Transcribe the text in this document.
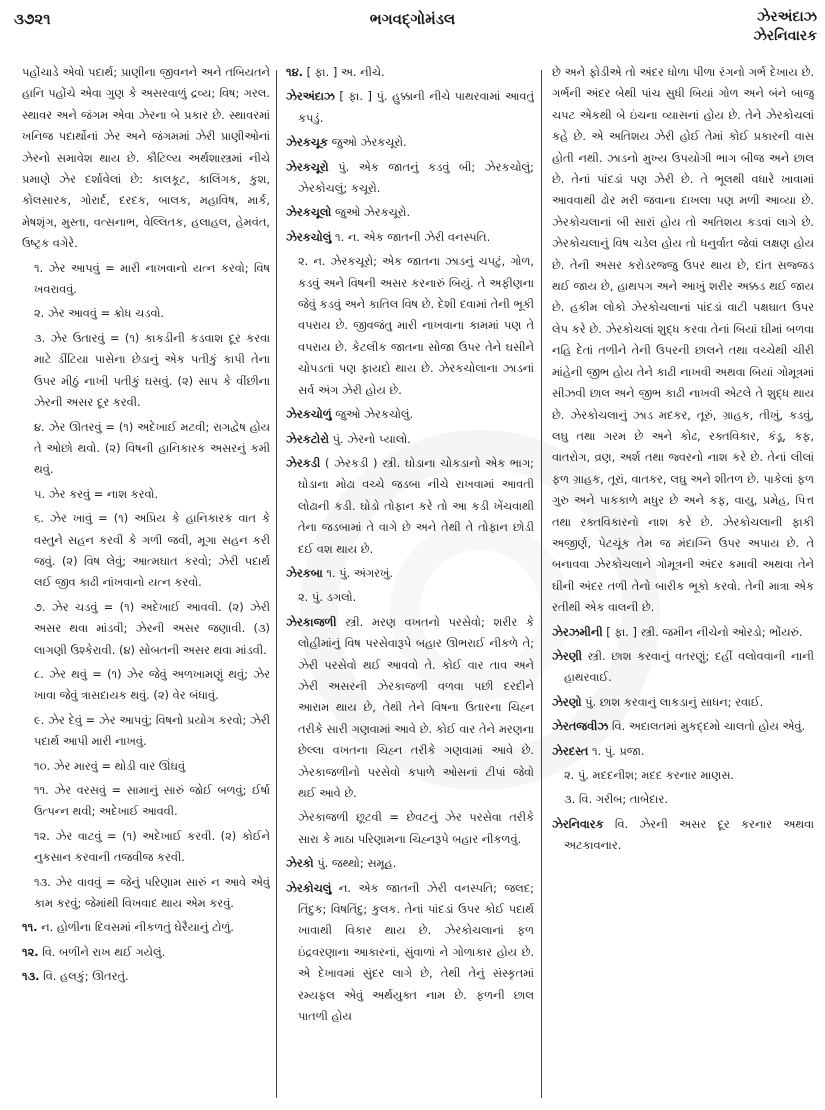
૩૭૨૧	ભગવદ્ગોમંડલ	ઝેરઅંદાઝ
ઝેરનિવારક
પહોંચાડે એવો પદાર્થ; પ્રાણીના જીવનને અને તબિયતને હાનિ પહોંચે એવા ગુણ કે અસરવાળું દ્રવ્ય; વિષ; ગરલ. સ્થાવર અને જંગમ એવા ઝેરના બે પ્રકાર છે. સ્થાવરમાં ખનિજ પદાર્થોનાં ઝેર અને જંગમમાં ઝેરી પ્રાણીઓનાં ઝેરનો સમાવેશ થાય છે. કૌટિલ્ય અર્થશાસ્ત્રમાં નીચે પ્રમાણે ઝેર દર્શાવેલાં છે: કાલકૂટ, કાલિંગક, કુશ, કોલસારક, ગોરાર્દ, દરદક, બાલક, મહાવિષ, માર્ક, મેષશૃંગ, મુસ્તા, વત્સનાભ, વેલ્લિતક, હલાહલ, હેમવંત, ઉષ્ટ્રક વગેરે.
૧. ઝેર આપવું = મારી નાખવાનો યત્ન કરવો; વિષ ખવરાવવું.
૨. ઝેર આવવું = ક્રોધ ચડવો.
૩. ઝેર ઉતારવું = (૧) કાકડીની કડવાશ દૂર કરવા માટે ડીંટિયા પાસેના છેડાનું એક પતીકું કાપી તેના ઉપર મીઠું નાખી પતીકું ઘસવું. (૨) સાપ કે વીંછીના ઝેરની અસર દૂર કરવી.
૪. ઝેર ઊતરવું = (૧) અદેખાઈ મટવી; રાગદ્વેષ હોય તે ઓછો થવો. (૨) વિષની હાનિકારક અસરનું કમી થવું.
૫. ઝેર કરવું = નાશ કરવો.
૬. ઝેર ખાવું = (૧) અપ્રિય કે હાનિકારક વાત કે વસ્તુને સહન કરવી કે ગળી જવી, મૂગા સહન કરી જવું. (૨) વિષ લેવું; આત્મઘાત કરવો; ઝેરી પદાર્થ લઈ જીવ કાઢી નાંખવાનો યત્ન કરવો.
૭. ઝેર ચડવું = (૧) અદેખાઈ આવવી. (૨) ઝેરી અસર થવા માંડવી; ઝેરની અસર જણાવી. (૩) લાગણી ઉશ્કેરાવી. (૪) સોબતની અસર થવા માંડવી.
૮. ઝેર થવું = (૧) ઝેર જેવું અળખામણું થવું; ઝેર ખાવા જેવું ત્રાસદાયક થવું. (૨) વેર બંધાવું.
૯. ઝેર દેવું = ઝેર આપવું; વિષનો પ્રયોગ કરવો; ઝેરી પદાર્થ આપી મારી નાખવું.
૧૦. ઝેર મારવું = થોડી વાર ઊંઘવું
૧૧. ઝેર વરસવું = સામાનું સારું જોઈ બળવું; ઈર્ષા ઉત્પન્ન થવી; અદેખાઈ આવવી.
૧૨. ઝેર વાટવું = (૧) અદેખાઈ કરવી. (૨) કોઈને નુકસાન કરવાની તજવીજ કરવી.
૧૩. ઝેર વાવવું = જેનું પરિણામ સારું ન આવે એવું કામ કરવું; જેમાંથી વિખવાદ થાય એમ કરવું.
૧૧. ન. હોળીના દિવસમાં નીકળતું ઘેરૈયાનું ટોળું.
૧૨. વિ. બળીને રાખ થઈ ગયેલું.
૧૩. વિ. હલકું; ઊતરતું.
૧૪. [ ફા. ] અ. નીચે.
ઝેરઅંદાઝ [ ફા. ] પું. હુક્કાની નીચે પાથરવામાં આવતું કપડું.
ઝેરકચૂક જુઓ ઝેરકચૂરો.
ઝેરકચૂરો પું. એક જાતનું કડવું બી; ઝેરકચોલું; ઝેરકોચલું; કચૂરો.
ઝેરકચૂલો જુઓ ઝેરકચૂરો.
ઝેરકચોલું ૧. ન. એક જાતની ઝેરી વનસ્પતિ.
૨. ન. ઝેરકચૂરો; એક જાતના ઝાડનું ચપટું, ગોળ, કડવું અને વિષની અસર કરનારું બિયું. તે અફીણના જેવું કડવું અને કાતિલ વિષ છે. દેશી દવામાં તેની ભૂકી વપરાય છે. જીવજંતુ મારી નાખવાના કામમાં પણ તે વપરાય છે. કેટલીક જાતના સોજા ઉપર તેને ઘસીને ચોપડતાં પણ ફાયદો થાય છે. ઝેરકચોલાના ઝાડનાં સર્વ અંગ ઝેરી હોય છે.
ઝેરકચોળું જુઓ ઝેરકચોલું.
ઝેરકટોરો પું. ઝેરનો પ્યાલો.
ઝેરકડી ( ઝેરકડી ) સ્ત્રી. ઘોડાના ચોકડાનો એક ભાગ; ઘોડાના મોઢા વચ્ચે જડબા નીચે રાખવામાં આવતી લોઢાની કડી. ઘોડો તોફાન કરે તો આ કડી ખેંચવાથી તેના જડબામાં તે વાગે છે અને તેથી તે તોફાન છોડી દઈ વશ થાય છે.
ઝેરકબા ૧. પું. અંગરખું.
૨. પું. ડગલો.
ઝેરકાજળી સ્ત્રી. મરણ વખતનો પરસેવો; શરીર કે લોહીમાંનું વિષ પરસેવારૂપે બહાર ઊભરાઈ નીકળે તે; ઝેરી પરસેવો થઈ આવવો તે. કોઈ વાર તાવ અને ઝેરી અસરની ઝેરકાજળી વળવા પછી દરદીને આરામ થાય છે, તેથી તેને વિષના ઉતારના ચિહ્ન તરીકે સારી ગણવામાં આવે છે. કોઈ વાર તેને મરણના છેલ્લા વખતના ચિહ્ન તરીકે ગણવામાં આવે છે. ઝેરકાજળીનો પરસેવો કપાળે ઓસનાં ટીપાં જેવો થઈ આવે છે.
ઝેરકાજળી છૂટવી = છેવટનું ઝેર પરસેવા તરીકે સારા કે માઠા પરિણામના ચિહ્નરૂપે બહાર નીકળવું.
ઝેરકો પું. જથ્થો; સમૂહ.
ઝેરકોચલું ન. એક જાતની ઝેરી વનસ્પતિ; જલદ; તિંદુક; વિષતિંદુ; કુલક. તેનાં પાંદડાં ઉપર કોઈ પદાર્થ ખાવાથી વિકાર થાય છે. ઝેરકોચલાનાં ફળ ઇંદ્રવરણાના આકારનાં, સુંવાળાં ને ગોળાકાર હોય છે. એ દેખાવમાં સુંદર લાગે છે, તેથી તેનું સંસ્કૃતમાં રમ્યફલ એવું અર્થયુક્ત નામ છે. ફળની છાલ પાતળી હોય
છે અને ફોડીએ તો અંદર ધોળા પીળા રંગનો ગર્ભ દેખાય છે. ગર્ભની અંદર બેથી પાંચ સુધી બિયાં ગોળ અને બંને બાજુ ચપટ એકથી બે ઇંચના વ્યાસનાં હોય છે. તેને ઝેરકોચલાં કહે છે. એ અતિશય ઝેરી હોઈ તેમાં કોઈ પ્રકારની વાસ હોતી નથી. ઝાડનો મુખ્ય ઉપયોગી ભાગ બીજ અને છાલ છે. તેનાં પાંદડાં પણ ઝેરી છે. તે ભૂલથી વધારે ખાવામાં આવવાથી ઢોર મરી જવાના દાખલા પણ મળી આવ્યા છે. ઝેરકોચલાનાં બી સારાં હોય તો અતિશય કડવાં લાગે છે. ઝેરકોચલાનું વિષ ચડેલ હોય તો ધનુર્વાત જેવાં લક્ષણ હોય છે. તેની અસર કરોડરજ્જુ ઉપર થાય છે, દાંત સજ્જડ થઈ જાય છે, હાથપગ અને આખું શરીર અક્કડ થઈ જાય છે. હકીમ લોકો ઝેરકોચલાનાં પાંદડાં વાટી પક્ષઘાત ઉપર લેપ કરે છે. ઝેરકોચલાં શુદ્ધ કરવા તેનાં બિયાં ઘીમાં બળવા નહિ દેતાં તળીને તેની ઉપરની છાલને તથા વચ્ચેથી ચીરી માંહેની જીભ હોય તેને કાઢી નાખવી અથવા બિયાં ગોમૂત્રમાં સીઝવી છાલ અને જીભ કાઢી નાખવી એટલે તે શુદ્ધ થાય છે. ઝેરકોચલાનું ઝાડ મદકર, તૂરું, ગ્રાહક, તીખું, કડવું, લઘુ તથા ગરમ છે અને કોઢ, રક્તવિકાર, કંડૂ, કફ, વાતરોગ, વ્રણ, અર્શ તથા જ્વરનો નાશ કરે છે. તેનાં લીલાં ફળ ગ્રાહક, તૂરાં, વાતકર, લઘુ અને શીતળ છે. પાકેલાં ફળ ગુરુ અને પાકકાળે મધુર છે અને કફ, વાયુ, પ્રમેહ, પિત્ત તથા રક્તવિકારનો નાશ કરે છે. ઝેરકોચલાની ફાકી અજીર્ણ, પેટચૂંક તેમ જ મંદાગ્નિ ઉપર અપાય છે. તે બનાવવા ઝેરકોચલાને ગોમૂત્રની અંદર કમાવી અથવા તેને ઘીની અંદર તળી તેનો બારીક ભૂકો કરવો. તેની માત્રા એક રતીથી એક વાલની છે.
ઝેરઝમીની [ ફા. ] સ્ત્રી. જમીન નીચેનો ઓરડો; ભોંયરું.
ઝેરણી સ્ત્રી. છાશ કરવાનું વતરણું; દહીં વલોવવાની નાની હાથરવાઈ.
ઝેરણો પું. છાશ કરવાનું લાકડાનું સાધન; રવાઈ.
ઝેરતજવીઝ વિ. અદાલતમાં મુકદ્દમો ચાલતો હોય એવું.
ઝેરદસ્ત ૧. પું. પ્રજા.
૨. પું. મદદનીશ; મદદ કરનાર માણસ.
૩. વિ. ગરીબ; તાબેદાર.
ઝેરનિવારક વિ. ઝેરની અસર દૂર કરનાર અથવા અટકાવનાર.
